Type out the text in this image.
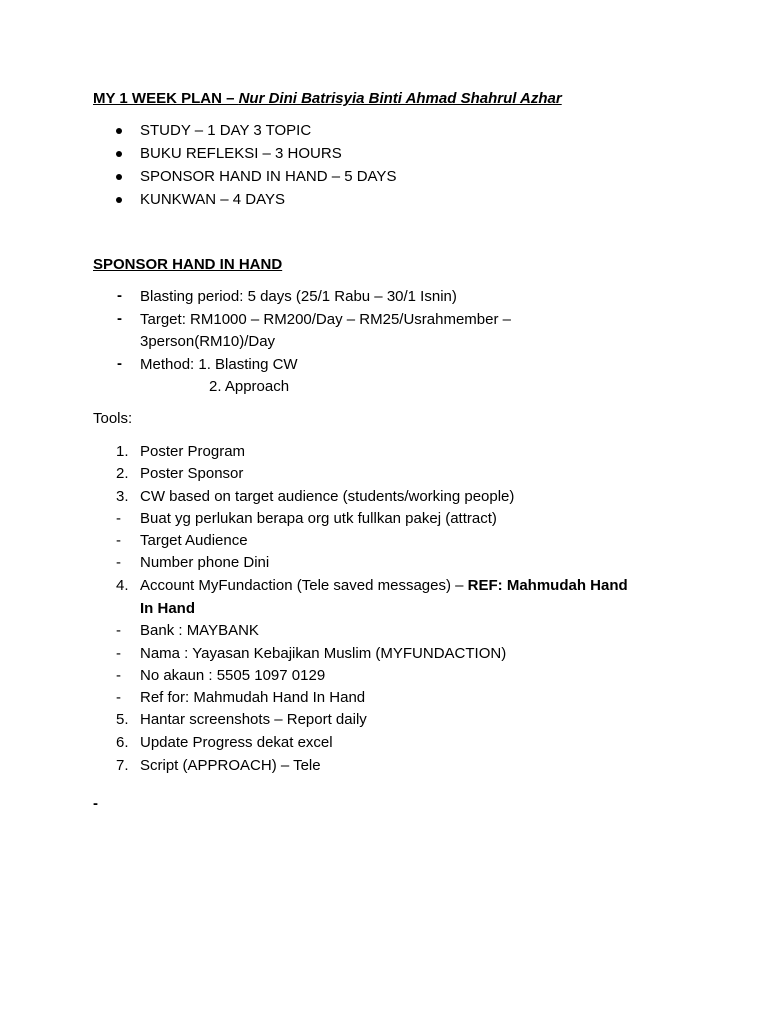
MY 1 WEEK PLAN – Nur Dini Batrisyia Binti Ahmad Shahrul Azhar
STUDY – 1 DAY 3 TOPIC
BUKU REFLEKSI – 3 HOURS
SPONSOR HAND IN HAND – 5 DAYS
KUNKWAN – 4 DAYS
SPONSOR HAND IN HAND
- Blasting period: 5 days (25/1 Rabu – 30/1 Isnin)
- Target: RM1000 – RM200/Day – RM25/Usrahmember –
3person(RM10)/Day
- Method: 1. Blasting CW
2. Approach
Tools:
1. Poster Program
2. Poster Sponsor
3. CW based on target audience (students/working people)
- Buat yg perlukan berapa org utk fullkan pakej (attract)
- Target Audience
- Number phone Dini
4. Account MyFundaction (Tele saved messages) – REF: Mahmudah Hand
In Hand
- Bank : MAYBANK
- Nama : Yayasan Kebajikan Muslim (MYFUNDACTION)
- No akaun : 5505 1097 0129
- Ref for: Mahmudah Hand In Hand
5. Hantar screenshots – Report daily
6. Update Progress dekat excel
7. Script (APPROACH) – Tele
-
